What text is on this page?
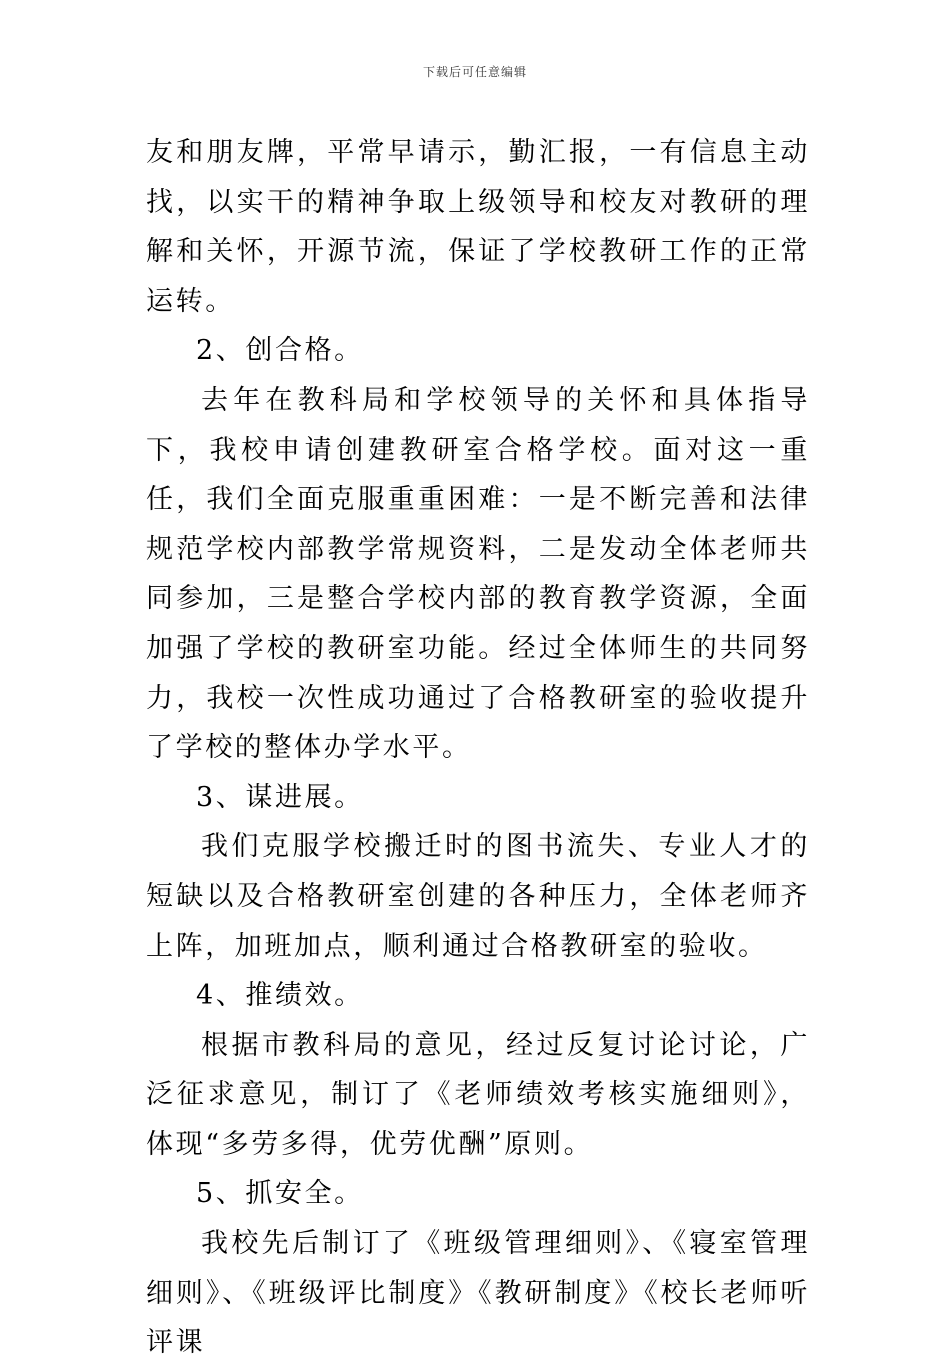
下载后可任意编辑

友和朋友牌，平常早请示，勤汇报，一有信息主动找，以实干的精神争取上级领导和校友对教研的理解和关怀，开源节流，保证了学校教研工作的正常运转。

2、创合格。

去年在教科局和学校领导的关怀和具体指导下，我校申请创建教研室合格学校。面对这一重任，我们全面克服重重困难：一是不断完善和法律规范学校内部教学常规资料，二是发动全体老师共同参加，三是整合学校内部的教育教学资源，全面加强了学校的教研室功能。经过全体师生的共同努力，我校一次性成功通过了合格教研室的验收提升了学校的整体办学水平。

3、谋进展。

我们克服学校搬迁时的图书流失、专业人才的短缺以及合格教研室创建的各种压力，全体老师齐上阵，加班加点，顺利通过合格教研室的验收。

4、推绩效。

根据市教科局的意见，经过反复讨论讨论，广泛征求意见，制订了《老师绩效考核实施细则》，体现“多劳多得，优劳优酬”原则。

5、抓安全。

我校先后制订了《班级管理细则》、《寝室管理细则》、《班级评比制度》《教研制度》《校长老师听评课
